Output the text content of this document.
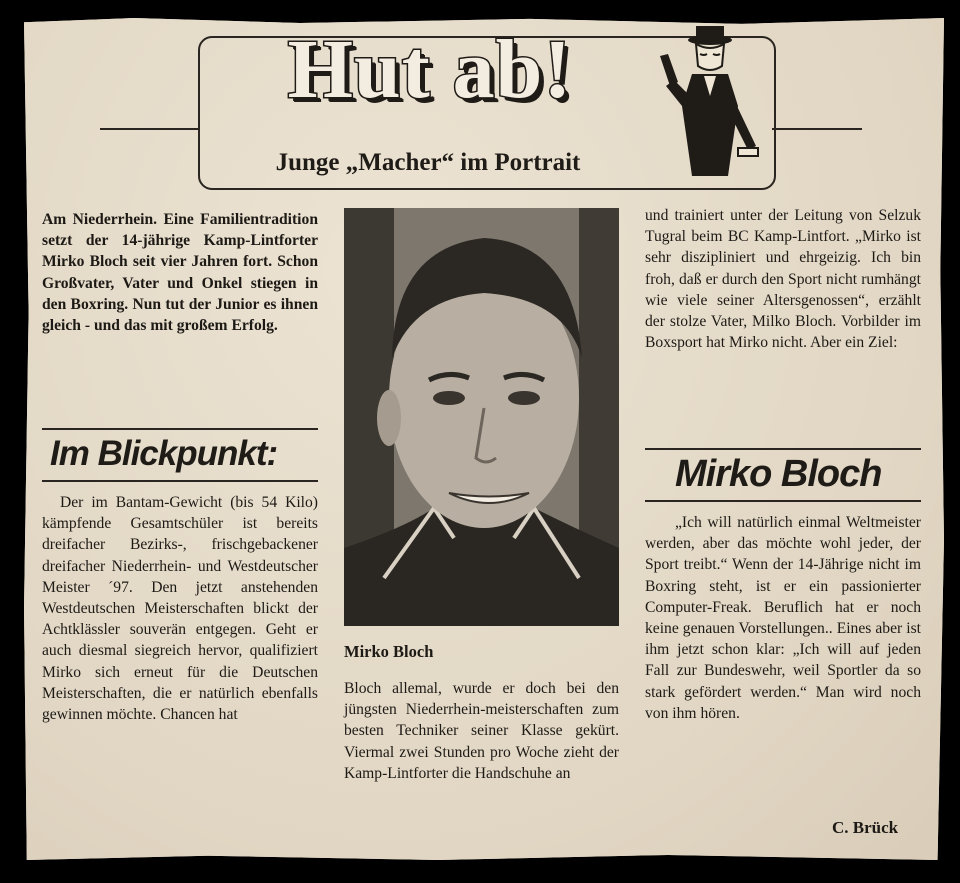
Hut ab!
Junge „Macher“ im Portrait
Am Niederrhein. Eine Familientradition setzt der 14-jährige Kamp-Lintforter Mirko Bloch seit vier Jahren fort. Schon Großvater, Vater und Onkel stiegen in den Boxring. Nun tut der Junior es ihnen gleich - und das mit großem Erfolg.
Im Blickpunkt:
Der im Bantam-Gewicht (bis 54 Kilo) kämpfende Gesamtschüler ist bereits dreifacher Bezirks-, frischgebackener dreifacher Niederrhein- und Westdeutscher Meister ´97. Den jetzt anstehenden Westdeutschen Meisterschaften blickt der Achtklässler souverän entgegen. Geht er auch diesmal siegreich hervor, qualifiziert Mirko sich erneut für die Deutschen Meisterschaften, die er natürlich ebenfalls gewinnen möchte. Chancen hat
Mirko Bloch
Bloch allemal, wurde er doch bei den jüngsten Niederrhein-meisterschaften zum besten Techniker seiner Klasse gekürt. Viermal zwei Stunden pro Woche zieht der Kamp-Lintforter die Handschuhe an
und trainiert unter der Leitung von Selzuk Tugral beim BC Kamp-Lintfort. „Mirko ist sehr diszipliniert und ehrgeizig. Ich bin froh, daß er durch den Sport nicht rumhängt wie viele seiner Altersgenossen“, erzählt der stolze Vater, Milko Bloch. Vorbilder im Boxsport hat Mirko nicht. Aber ein Ziel:
Mirko Bloch
„Ich will natürlich einmal Weltmeister werden, aber das möchte wohl jeder, der Sport treibt.“ Wenn der 14-Jährige nicht im Boxring steht, ist er ein passionierter Computer-Freak. Beruflich hat er noch keine genauen Vorstellungen.. Eines aber ist ihm jetzt schon klar: „Ich will auf jeden Fall zur Bundeswehr, weil Sportler da so stark gefördert werden.“ Man wird noch von ihm hören.
C. Brück
